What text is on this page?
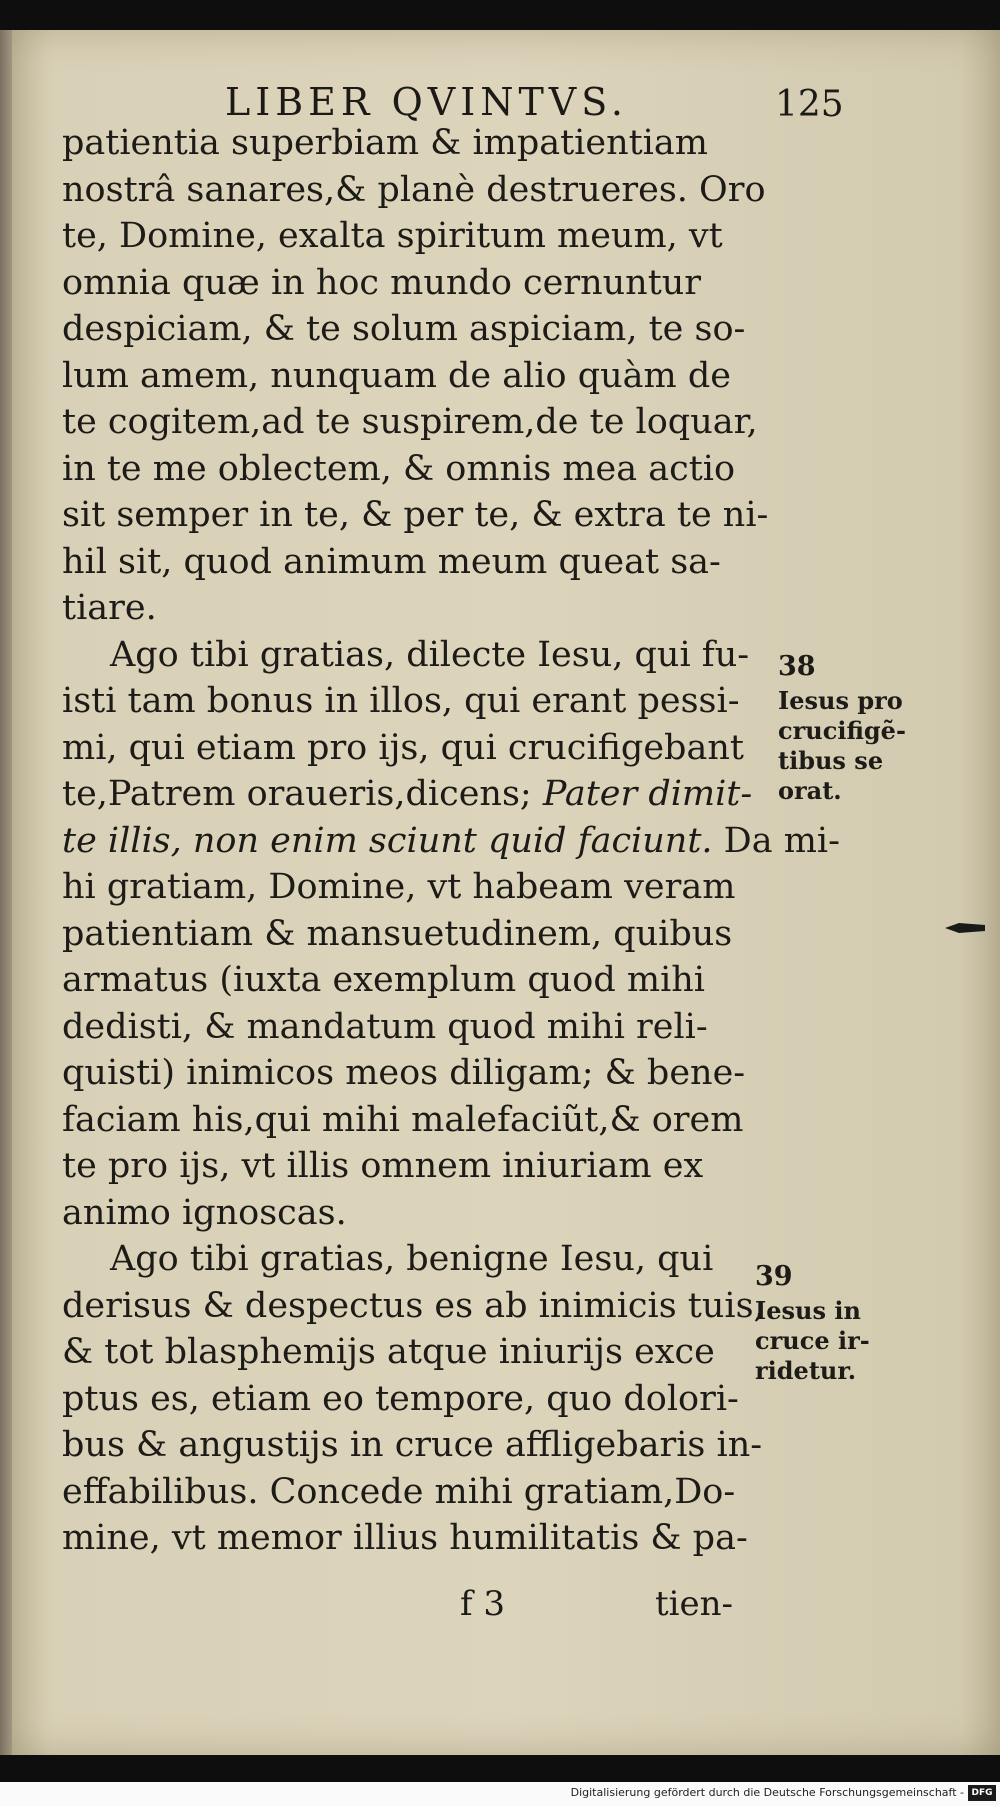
LIBER QVINTVS.	125
patientia superbiam & impatientiam
nostrâ sanares,& planè destrueres. Oro
te, Domine, exalta spiritum meum, vt
omnia quæ in hoc mundo cernuntur
despiciam, & te solum aspiciam, te so-
lum amem, nunquam de alio quàm de
te cogitem,ad te suspirem,de te loquar,
in te me oblectem, & omnis mea actio
sit semper in te, & per te, & extra te ni-
hil sit, quod animum meum queat sa-
tiare.
Ago tibi gratias, dilecte Iesu, qui fu-
isti tam bonus in illos, qui erant pessi-
mi, qui etiam pro ijs, qui crucifigebant
te,Patrem oraueris,dicens; Pater dimit-
te illis, non enim sciunt quid faciunt. Da mi-
hi gratiam, Domine, vt habeam veram
patientiam & mansuetudinem, quibus
armatus (iuxta exemplum quod mihi
dedisti, & mandatum quod mihi reli-
quisti) inimicos meos diligam; & bene-
faciam his,qui mihi malefaciũt,& orem
te pro ijs, vt illis omnem iniuriam ex
animo ignoscas.
Ago tibi gratias, benigne Iesu, qui
derisus & despectus es ab inimicis tuis,
& tot blasphemijs atque iniurijs exce
ptus es, etiam eo tempore, quo dolori-
bus & angustijs in cruce affligebaris in-
effabilibus. Concede mihi gratiam,Do-
mine, vt memor illius humilitatis & pa-
38
Iesus pro
crucifigẽ-
tibus se
orat.
39
Iesus in
cruce ir-
ridetur.
f 3	tien-
Digitalisierung gefördert durch die Deutsche Forschungsgemeinschaft - DFG
